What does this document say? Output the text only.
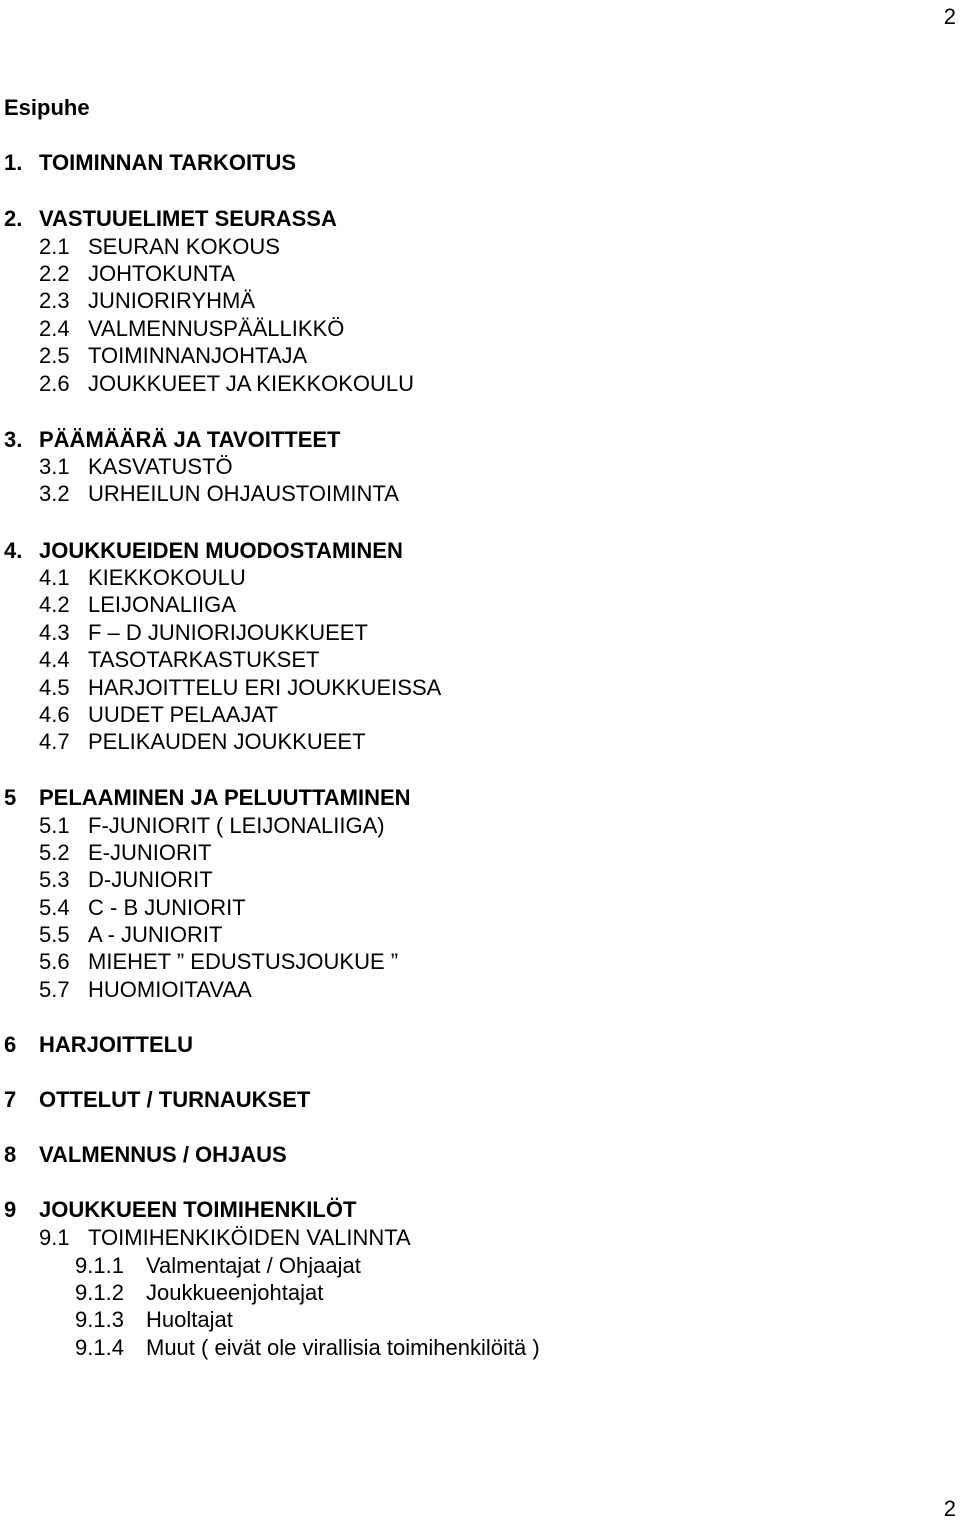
2
Esipuhe
1. TOIMINNAN TARKOITUS
2. VASTUUELIMET SEURASSA
2.1 SEURAN KOKOUS
2.2 JOHTOKUNTA
2.3 JUNIORIRYHMÄ
2.4 VALMENNUSPÄÄLLIKKÖ
2.5 TOIMINNANJOHTAJA
2.6 JOUKKUEET JA KIEKKOKOULU
3. PÄÄMÄÄRÄ JA TAVOITTEET
3.1 KASVATUSTÖ
3.2 URHEILUN OHJAUSTOIMINTA
4. JOUKKUEIDEN MUODOSTAMINEN
4.1 KIEKKOKOULU
4.2 LEIJONALIIGA
4.3 F – D JUNIORIJOUKKUEET
4.4 TASOTARKASTUKSET
4.5 HARJOITTELU ERI JOUKKUEISSA
4.6 UUDET PELAAJAT
4.7 PELIKAUDEN JOUKKUEET
5 PELAAMINEN JA PELUUTTAMINEN
5.1 F-JUNIORIT ( LEIJONALIIGA)
5.2 E-JUNIORIT
5.3 D-JUNIORIT
5.4 C - B JUNIORIT
5.5 A - JUNIORIT
5.6 MIEHET ” EDUSTUSJOUKUE ”
5.7 HUOMIOITAVAA
6 HARJOITTELU
7 OTTELUT / TURNAUKSET
8 VALMENNUS / OHJAUS
9 JOUKKUEEN TOIMIHENKILÖT
9.1 TOIMIHENKIKÖIDEN VALINNTA
9.1.1 Valmentajat / Ohjaajat
9.1.2 Joukkueenjohtajat
9.1.3 Huoltajat
9.1.4 Muut ( eivät ole virallisia toimihenkilöitä )
2
